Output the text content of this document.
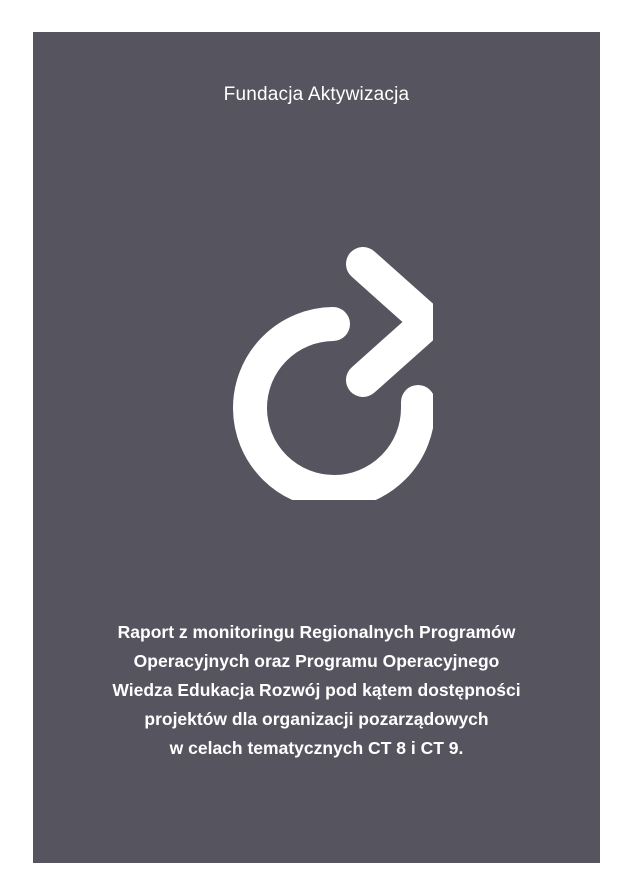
Fundacja Aktywizacja
Raport z monitoringu Regionalnych Programów
Operacyjnych oraz Programu Operacyjnego
Wiedza Edukacja Rozwój pod kątem dostępności
projektów dla organizacji pozarządowych
w celach tematycznych CT 8 i CT 9.
